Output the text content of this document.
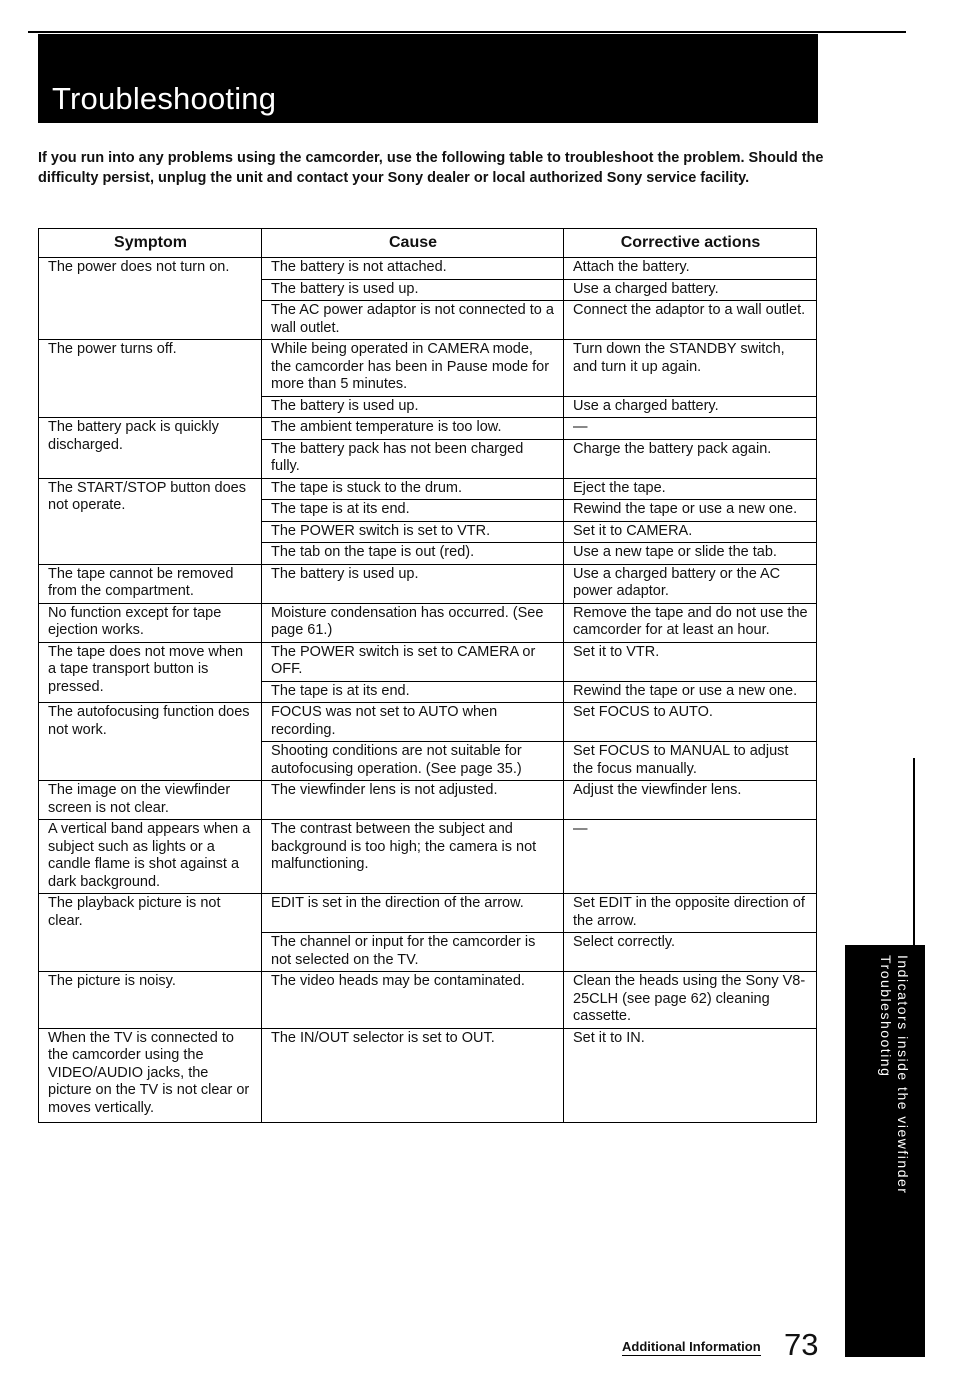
Troubleshooting

If you run into any problems using the camcorder, use the following table to troubleshoot the problem. Should the difficulty persist, unplug the unit and contact your Sony dealer or local authorized Sony service facility.

Symptom	Cause	Corrective actions
The power does not turn on.	The battery is not attached.	Attach the battery.
	The battery is used up.	Use a charged battery.
	The AC power adaptor is not connected to a wall outlet.	Connect the adaptor to a wall outlet.
The power turns off.	While being operated in CAMERA mode, the camcorder has been in Pause mode for more than 5 minutes.	Turn down the STANDBY switch, and turn it up again.
	The battery is used up.	Use a charged battery.
The battery pack is quickly discharged.	The ambient temperature is too low.	—
	The battery pack has not been charged fully.	Charge the battery pack again.
The START/STOP button does not operate.	The tape is stuck to the drum.	Eject the tape.
	The tape is at its end.	Rewind the tape or use a new one.
	The POWER switch is set to VTR.	Set it to CAMERA.
	The tab on the tape is out (red).	Use a new tape or slide the tab.
The tape cannot be removed from the compartment.	The battery is used up.	Use a charged battery or the AC power adaptor.
No function except for tape ejection works.	Moisture condensation has occurred. (See page 61.)	Remove the tape and do not use the camcorder for at least an hour.
The tape does not move when a tape transport button is pressed.	The POWER switch is set to CAMERA or OFF.	Set it to VTR.
	The tape is at its end.	Rewind the tape or use a new one.
The autofocusing function does not work.	FOCUS was not set to AUTO when recording.	Set FOCUS to AUTO.
	Shooting conditions are not suitable for autofocusing operation. (See page 35.)	Set FOCUS to MANUAL to adjust the focus manually.
The image on the viewfinder screen is not clear.	The viewfinder lens is not adjusted.	Adjust the viewfinder lens.
A vertical band appears when a subject such as lights or a candle flame is shot against a dark background.	The contrast between the subject and background is too high; the camera is not malfunctioning.	—
The playback picture is not clear.	EDIT is set in the direction of the arrow.	Set EDIT in the opposite direction of the arrow.
	The channel or input for the camcorder is not selected on the TV.	Select correctly.
The picture is noisy.	The video heads may be contaminated.	Clean the heads using the Sony V8-25CLH (see page 62) cleaning cassette.
When the TV is connected to the camcorder using the VIDEO/AUDIO jacks, the picture on the TV is not clear or moves vertically.	The IN/OUT selector is set to OUT.	Set it to IN.	Indicators inside the viewfinder
Troubleshooting
Additional Information 73
